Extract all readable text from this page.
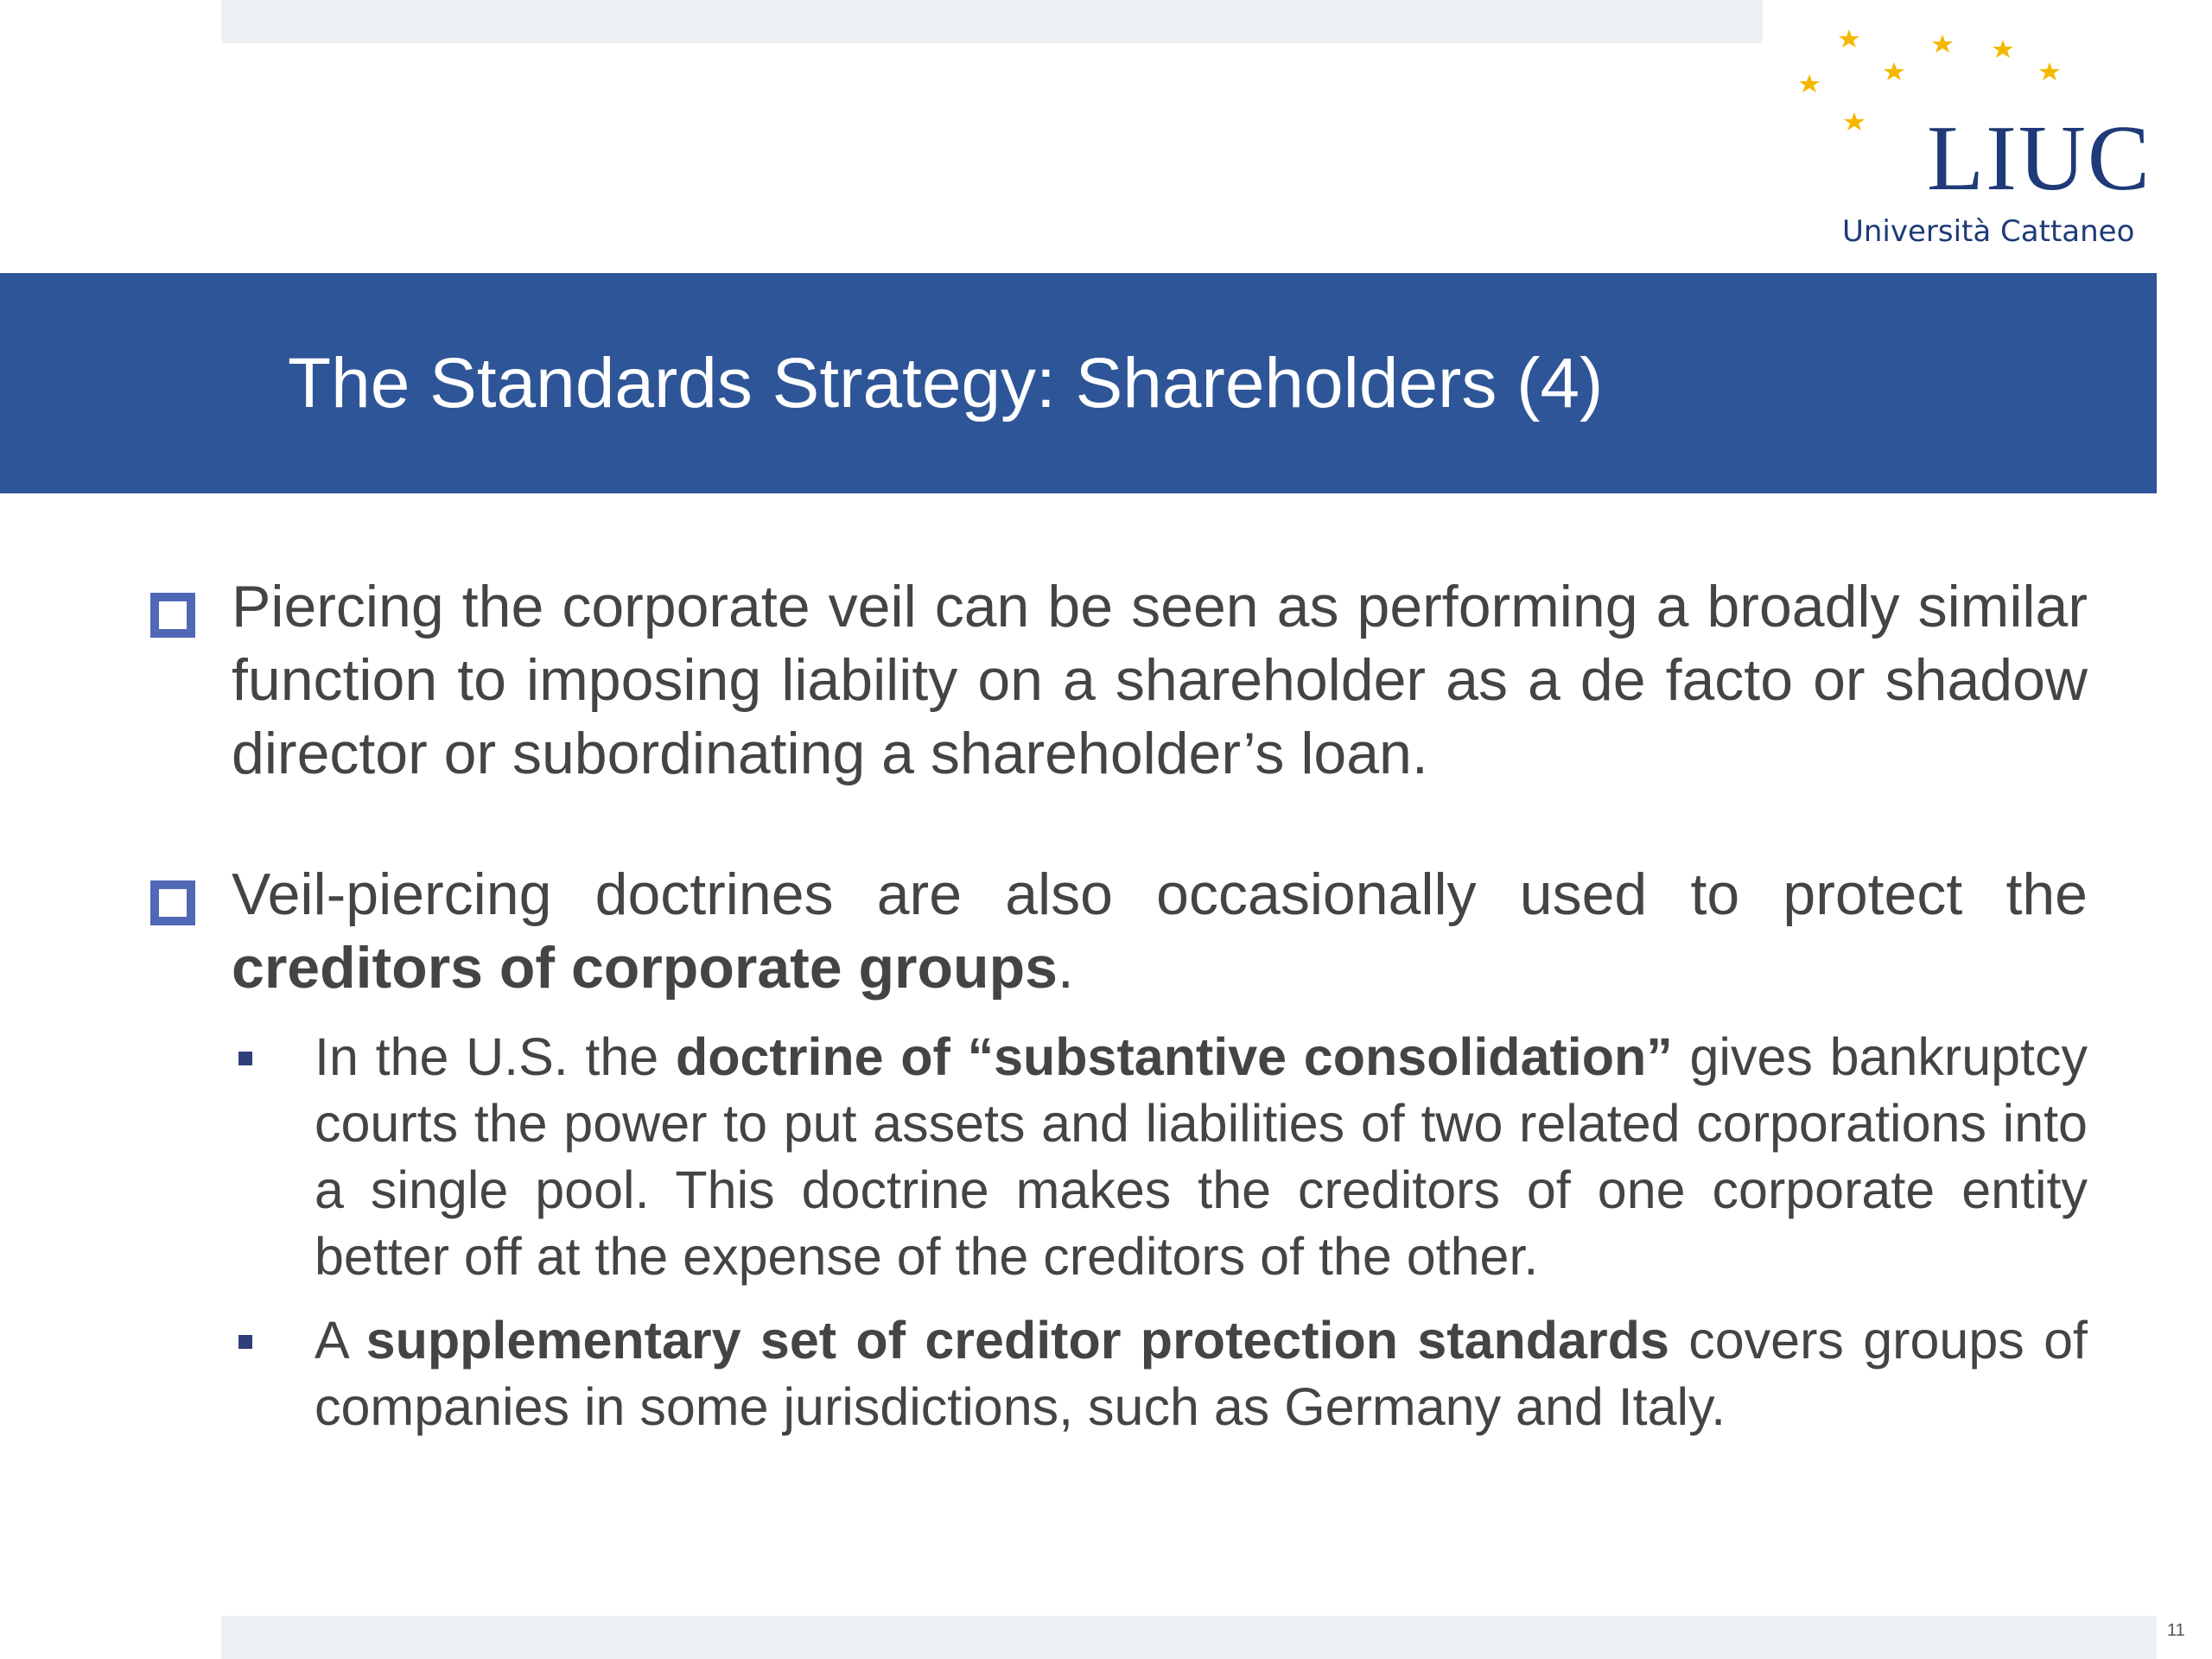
LIUC
Università Cattaneo
The Standards Strategy: Shareholders (4)
Piercing the corporate veil can be seen as performing a broadly similar function to imposing liability on a shareholder as a de facto or shadow director or subordinating a shareholder’s loan.
Veil-piercing doctrines are also occasionally used to protect the creditors of corporate groups.
In the U.S. the doctrine of “substantive consolidation” gives bankruptcy courts the power to put assets and liabilities of two related corporations into a single pool. This doctrine makes the creditors of one corporate entity better off at the expense of the creditors of the other.
A supplementary set of creditor protection standards covers groups of companies in some jurisdictions, such as Germany and Italy.
11
